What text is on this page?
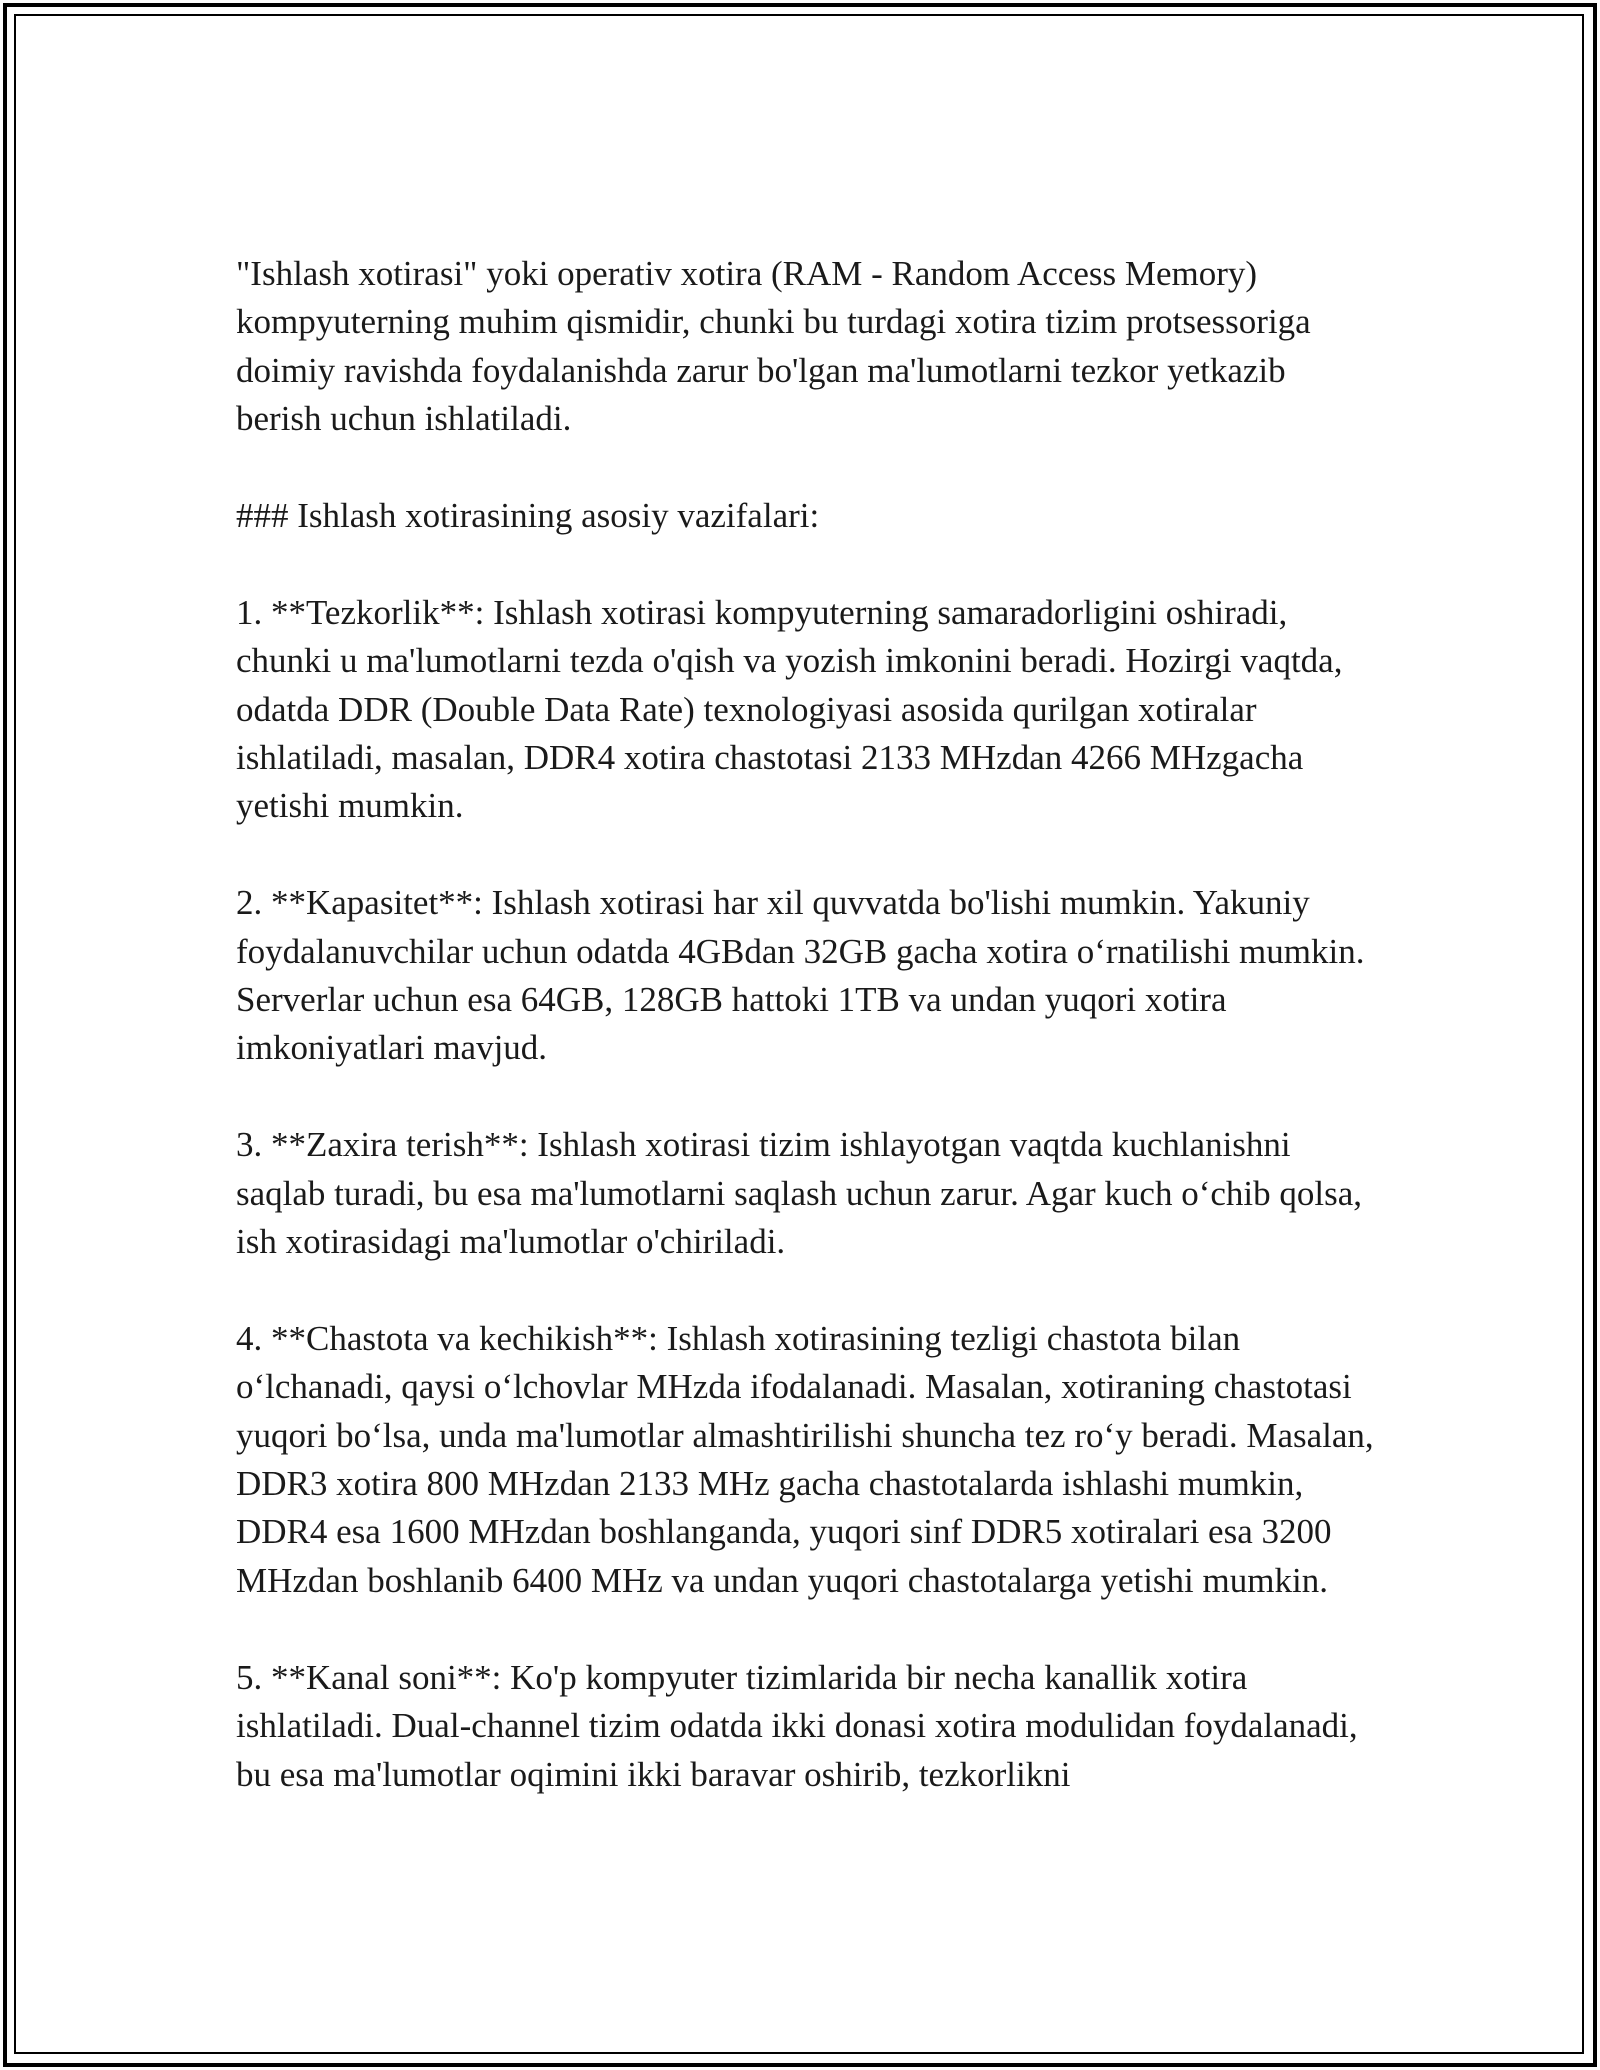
"Ishlash xotirasi" yoki operativ xotira (RAM - Random Access Memory) kompyuterning muhim qismidir, chunki bu turdagi xotira tizim protsessoriga doimiy ravishda foydalanishda zarur bo'lgan ma'lumotlarni tezkor yetkazib berish uchun ishlatiladi.

### Ishlash xotirasining asosiy vazifalari:

1. **Tezkorlik**: Ishlash xotirasi kompyuterning samaradorligini oshiradi, chunki u ma'lumotlarni tezda o'qish va yozish imkonini beradi. Hozirgi vaqtda, odatda DDR (Double Data Rate) texnologiyasi asosida qurilgan xotiralar ishlatiladi, masalan, DDR4 xotira chastotasi 2133 MHzdan 4266 MHzgacha yetishi mumkin.

2. **Kapasitet**: Ishlash xotirasi har xil quvvatda bo'lishi mumkin. Yakuniy foydalanuvchilar uchun odatda 4GBdan 32GB gacha xotira o‘rnatilishi mumkin. Serverlar uchun esa 64GB, 128GB hattoki 1TB va undan yuqori xotira imkoniyatlari mavjud.

3. **Zaxira terish**: Ishlash xotirasi tizim ishlayotgan vaqtda kuchlanishni saqlab turadi, bu esa ma'lumotlarni saqlash uchun zarur. Agar kuch o‘chib qolsa, ish xotirasidagi ma'lumotlar o'chiriladi.

4. **Chastota va kechikish**: Ishlash xotirasining tezligi chastota bilan o‘lchanadi, qaysi o‘lchovlar MHzda ifodalanadi. Masalan, xotiraning chastotasi yuqori bo‘lsa, unda ma'lumotlar almashtirilishi shuncha tez ro‘y beradi. Masalan, DDR3 xotira 800 MHzdan 2133 MHz gacha chastotalarda ishlashi mumkin, DDR4 esa 1600 MHzdan boshlanganda, yuqori sinf DDR5 xotiralari esa 3200 MHzdan boshlanib 6400 MHz va undan yuqori chastotalarga yetishi mumkin.

5. **Kanal soni**: Ko'p kompyuter tizimlarida bir necha kanallik xotira ishlatiladi. Dual-channel tizim odatda ikki donasi xotira modulidan foydalanadi, bu esa ma'lumotlar oqimini ikki baravar oshirib, tezkorlikni
